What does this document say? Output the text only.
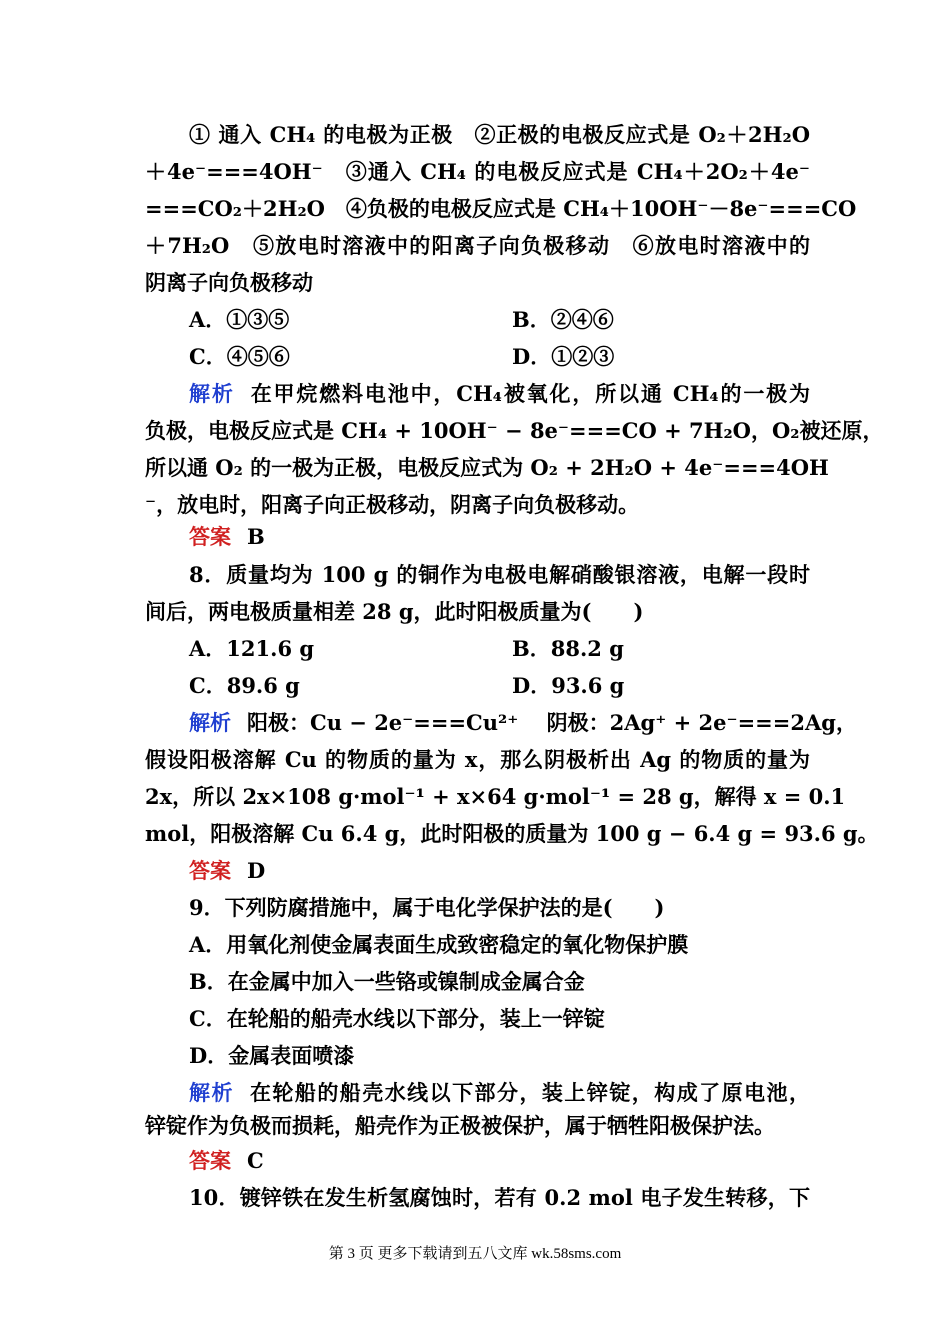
① 通入 CH₄ 的电极为正极　②正极的电极反应式是 O₂＋2H₂O
＋4e⁻===4OH⁻　③通入 CH₄ 的电极反应式是 CH₄＋2O₂＋4e⁻
===CO₂＋2H₂O　④负极的电极反应式是 CH₄＋10OH⁻－8e⁻===CO
＋7H₂O　⑤放电时溶液中的阳离子向负极移动　⑥放电时溶液中的
阴离子向负极移动
A．①③⑤	B．②④⑥
C．④⑤⑥	D．①②③
解析 在甲烷燃料电池中，CH₄被氧化，所以通 CH₄的一极为
负极，电极反应式是 CH₄ + 10OH⁻ − 8e⁻===CO + 7H₂O，O₂被还原，
所以通 O₂ 的一极为正极，电极反应式为 O₂ + 2H₂O + 4e⁻===4OH
⁻，放电时，阳离子向正极移动，阴离子向负极移动。
答案 B
8．质量均为 100 g 的铜作为电极电解硝酸银溶液，电解一段时
间后，两电极质量相差 28 g，此时阳极质量为(　　)
A．121.6 g	B．88.2 g
C．89.6 g	D．93.6 g
解析 阳极：Cu − 2e⁻===Cu²⁺　 阴极：2Ag⁺ + 2e⁻===2Ag，
假设阳极溶解 Cu 的物质的量为 x，那么阴极析出 Ag 的物质的量为
2x，所以 2x×108 g·mol⁻¹ + x×64 g·mol⁻¹ = 28 g，解得 x = 0.1
mol，阳极溶解 Cu 6.4 g，此时阳极的质量为 100 g − 6.4 g = 93.6 g。
答案 D
9．下列防腐措施中，属于电化学保护法的是(　　)
A．用氧化剂使金属表面生成致密稳定的氧化物保护膜
B．在金属中加入一些铬或镍制成金属合金
C．在轮船的船壳水线以下部分，装上一锌锭
D．金属表面喷漆
解析 在轮船的船壳水线以下部分，装上锌锭，构成了原电池，
锌锭作为负极而损耗，船壳作为正极被保护，属于牺牲阳极保护法。
答案 C
10．镀锌铁在发生析氢腐蚀时，若有 0.2 mol 电子发生转移，下
第 3 页 更多下载请到五八文库 wk.58sms.com
